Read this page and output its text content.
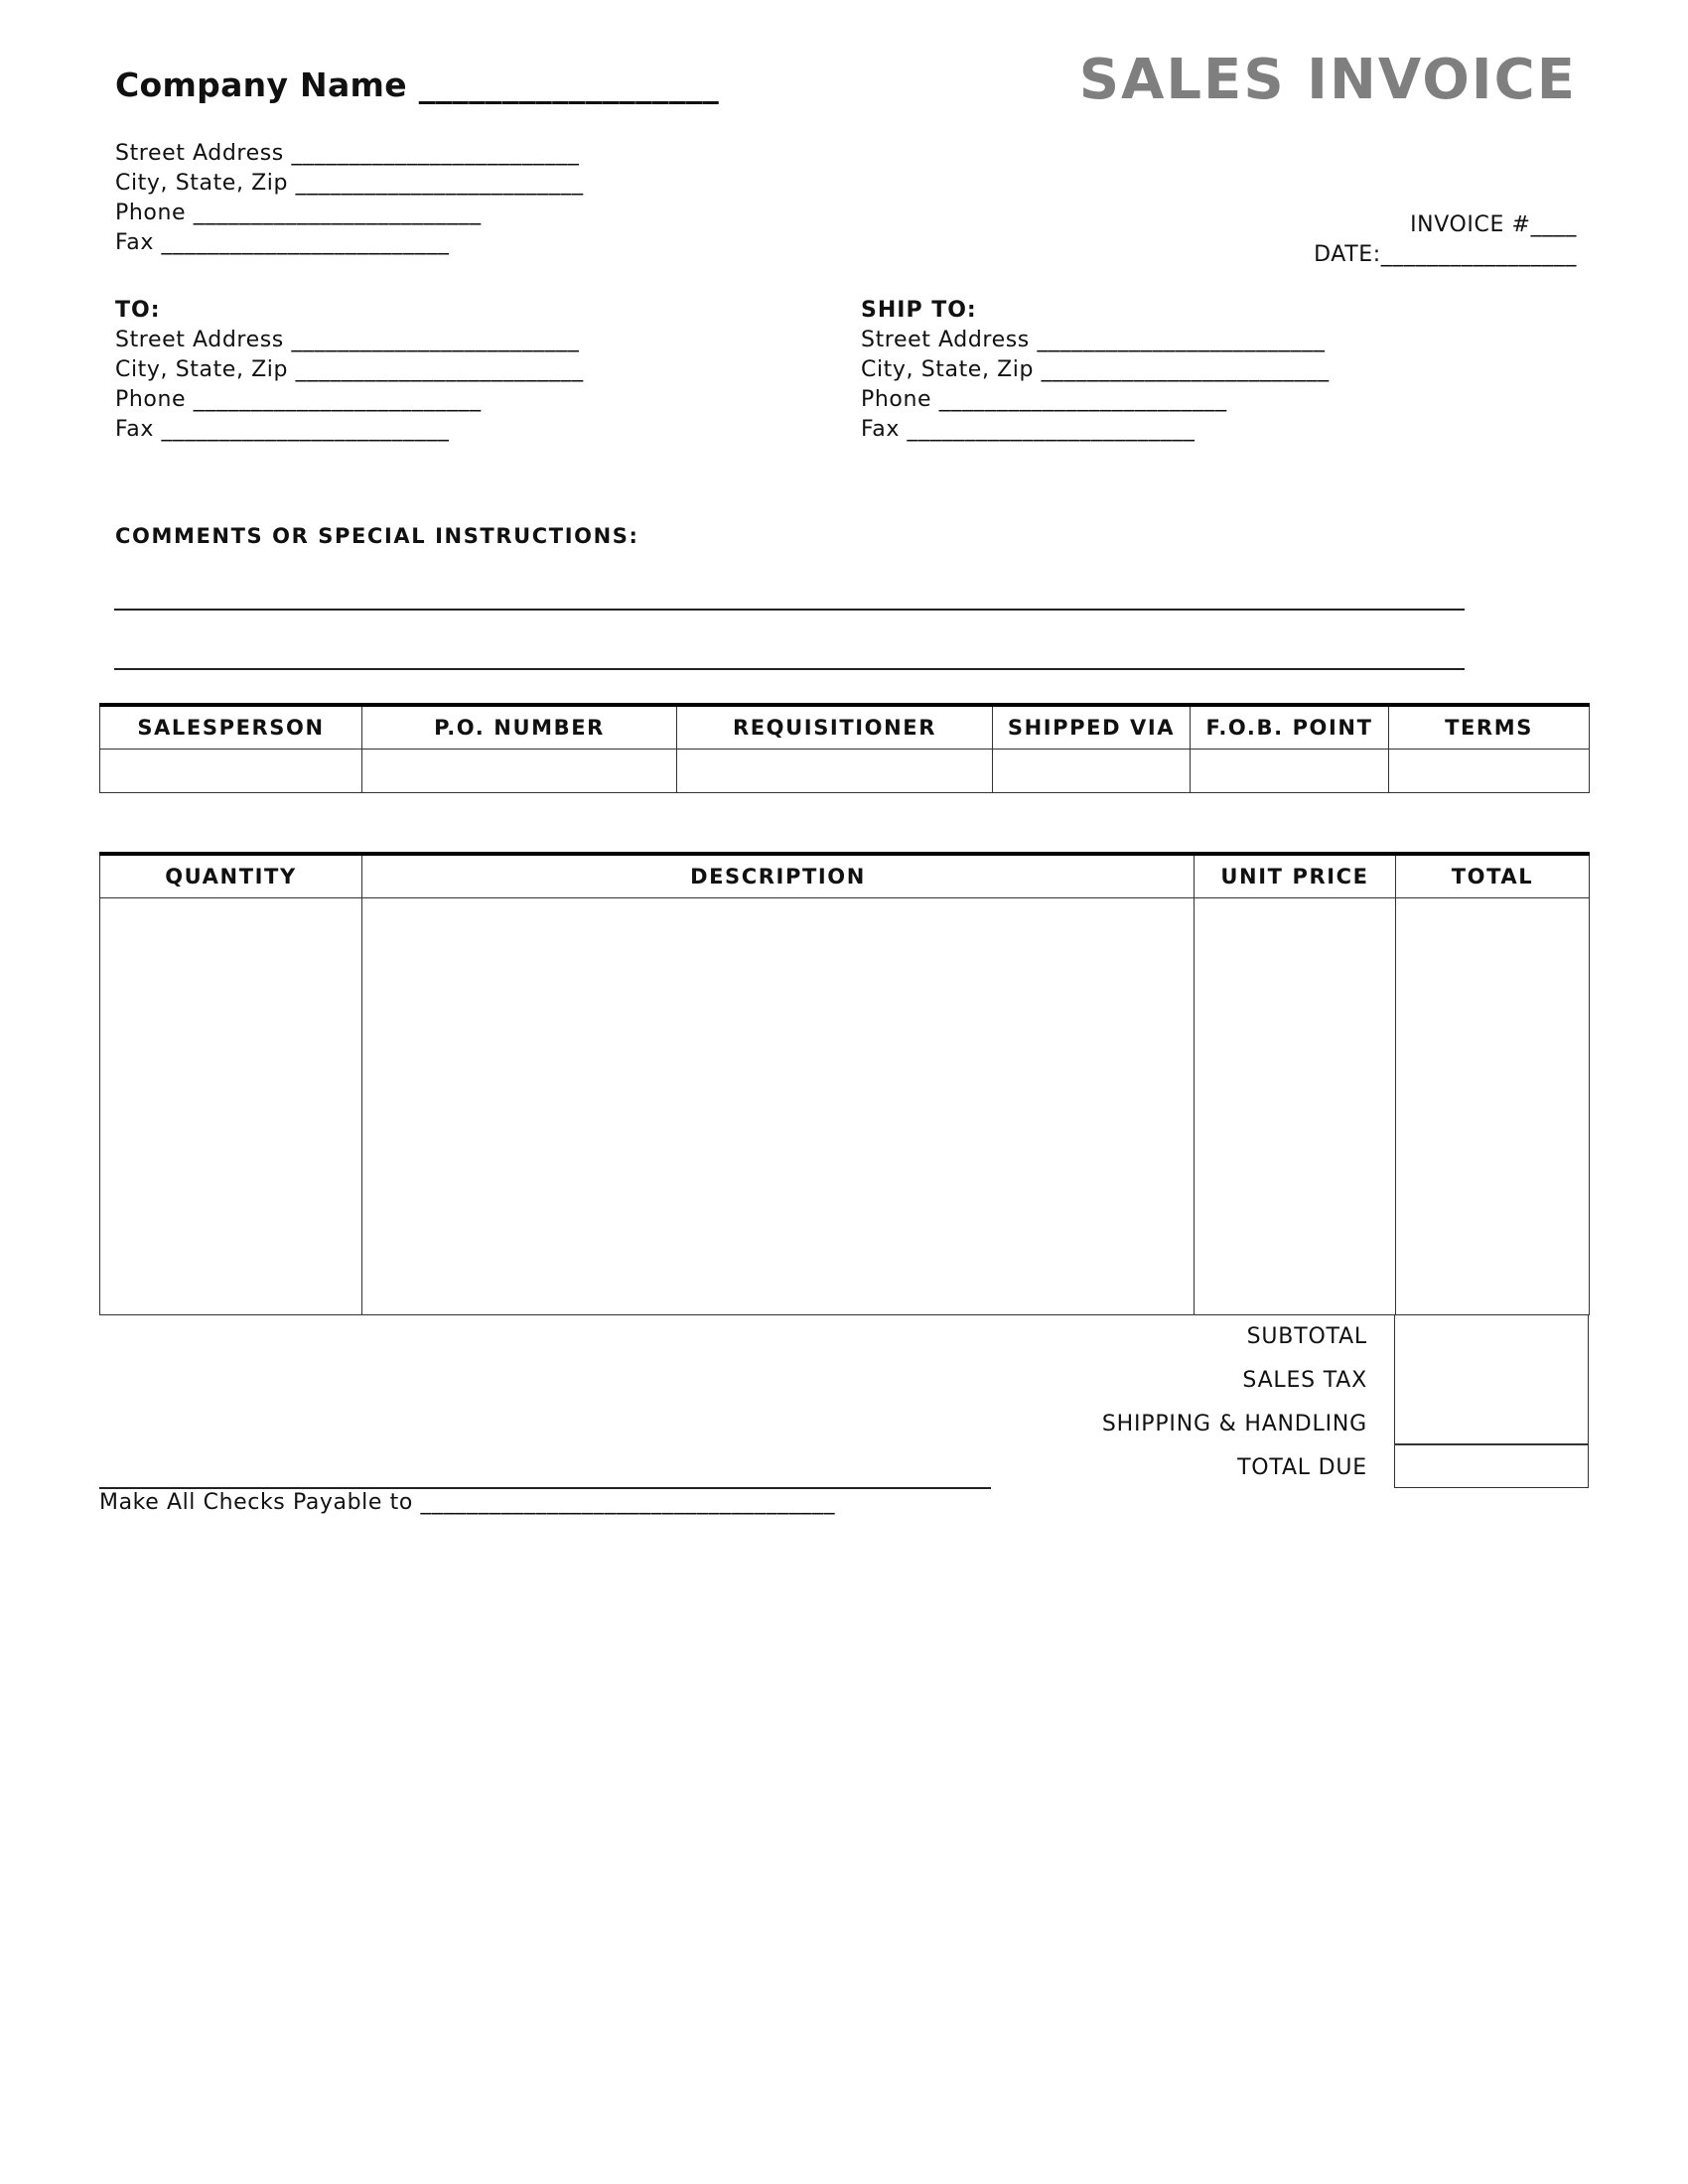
Company Name __________________	SALES INVOICE
Street Address _________________________
City, State, Zip _________________________
Phone _________________________
Fax _________________________
INVOICE #____
DATE:_________________
TO:
Street Address _________________________
City, State, Zip _________________________
Phone _________________________
Fax _________________________
SHIP TO:
Street Address _________________________
City, State, Zip _________________________
Phone _________________________
Fax _________________________
COMMENTS OR SPECIAL INSTRUCTIONS:
SALESPERSON	P.O. NUMBER	REQUISITIONER	SHIPPED VIA	F.O.B. POINT	TERMS

QUANTITY	DESCRIPTION	UNIT PRICE	TOTAL

SUBTOTAL
SALES TAX
SHIPPING & HANDLING
TOTAL DUE
Make All Checks Payable to ____________________________________
